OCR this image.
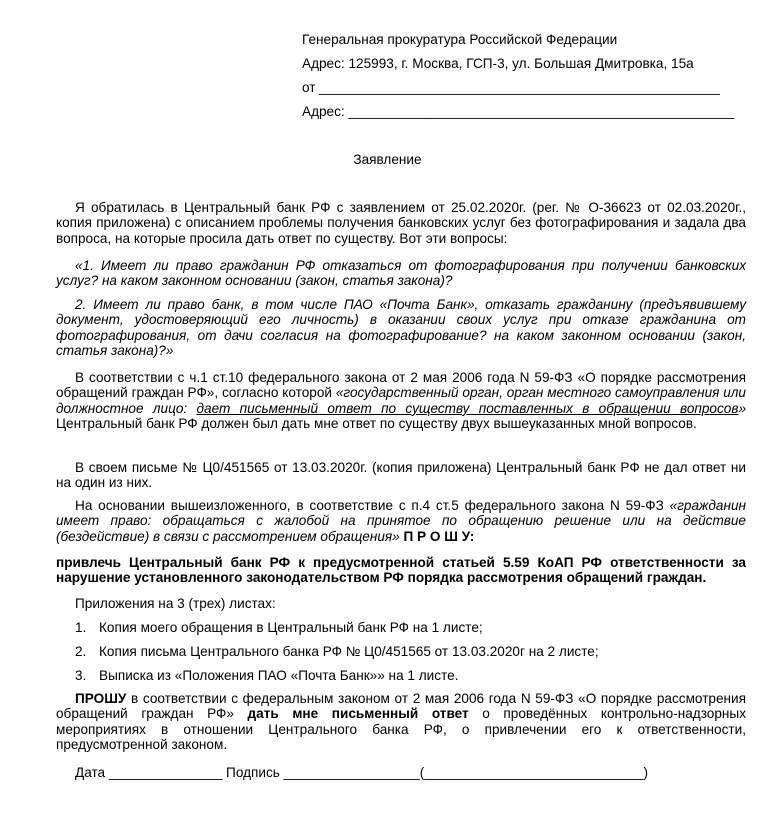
Генеральная прокуратура Российской Федерации
Адрес: 125993, г. Москва, ГСП-3, ул. Большая Дмитровка, 15а
от _____________________________________________________
Адрес: ___________________________________________________
Заявление
Я обратилась в Центральный банк РФ с заявлением от 25.02.2020г. (рег. № О-36623 от 02.03.2020г., копия приложена) с описанием проблемы получения банковских услуг без фотографирования и задала два вопроса, на которые просила дать ответ по существу. Вот эти вопросы:
«1. Имеет ли право гражданин РФ отказаться от фотографирования при получении банковских услуг? на каком законном основании (закон, статья закона)?
2. Имеет ли право банк, в том числе ПАО «Почта Банк», отказать гражданину (предъявившему документ, удостоверяющий его личность) в оказании своих услуг при отказе гражданина от фотографирования, от дачи согласия на фотографирование? на каком законном основании (закон, статья закона)?»
В соответствии с ч.1 ст.10 федерального закона от 2 мая 2006 года N 59-ФЗ «О порядке рассмотрения обращений граждан РФ», согласно которой «государственный орган, орган местного самоуправления или должностное лицо: дает письменный ответ по существу поставленных в обращении вопросов» Центральный банк РФ должен был дать мне ответ по существу двух вышеуказанных мной вопросов.
В своем письме № Ц0/451565 от 13.03.2020г. (копия приложена) Центральный банк РФ не дал ответ ни на один из них.
На основании вышеизложенного, в соответствие с п.4 ст.5 федерального закона N 59-ФЗ «гражданин имеет право: обращаться с жалобой на принятое по обращению решение или на действие (бездействие) в связи с рассмотрением обращения» П Р О Ш У:
привлечь Центральный банк РФ к предусмотренной статьей 5.59 КоАП РФ ответственности за нарушение установленного законодательством РФ порядка рассмотрения обращений граждан.
Приложения на 3 (трех) листах:
1. Копия моего обращения в Центральный банк РФ на 1 листе;
2. Копия письма Центрального банка РФ № Ц0/451565 от 13.03.2020г на 2 листе;
3. Выписка из «Положения ПАО «Почта Банк»» на 1 листе.
ПРОШУ в соответствии с федеральным законом от 2 мая 2006 года N 59-ФЗ «О порядке рассмотрения обращений граждан РФ» дать мне письменный ответ о проведённых контрольно-надзорных мероприятиях в отношении Центрального банка РФ, о привлечении его к ответственности, предусмотренной законом.
Дата _______________ Подпись __________________(_____________________________)
